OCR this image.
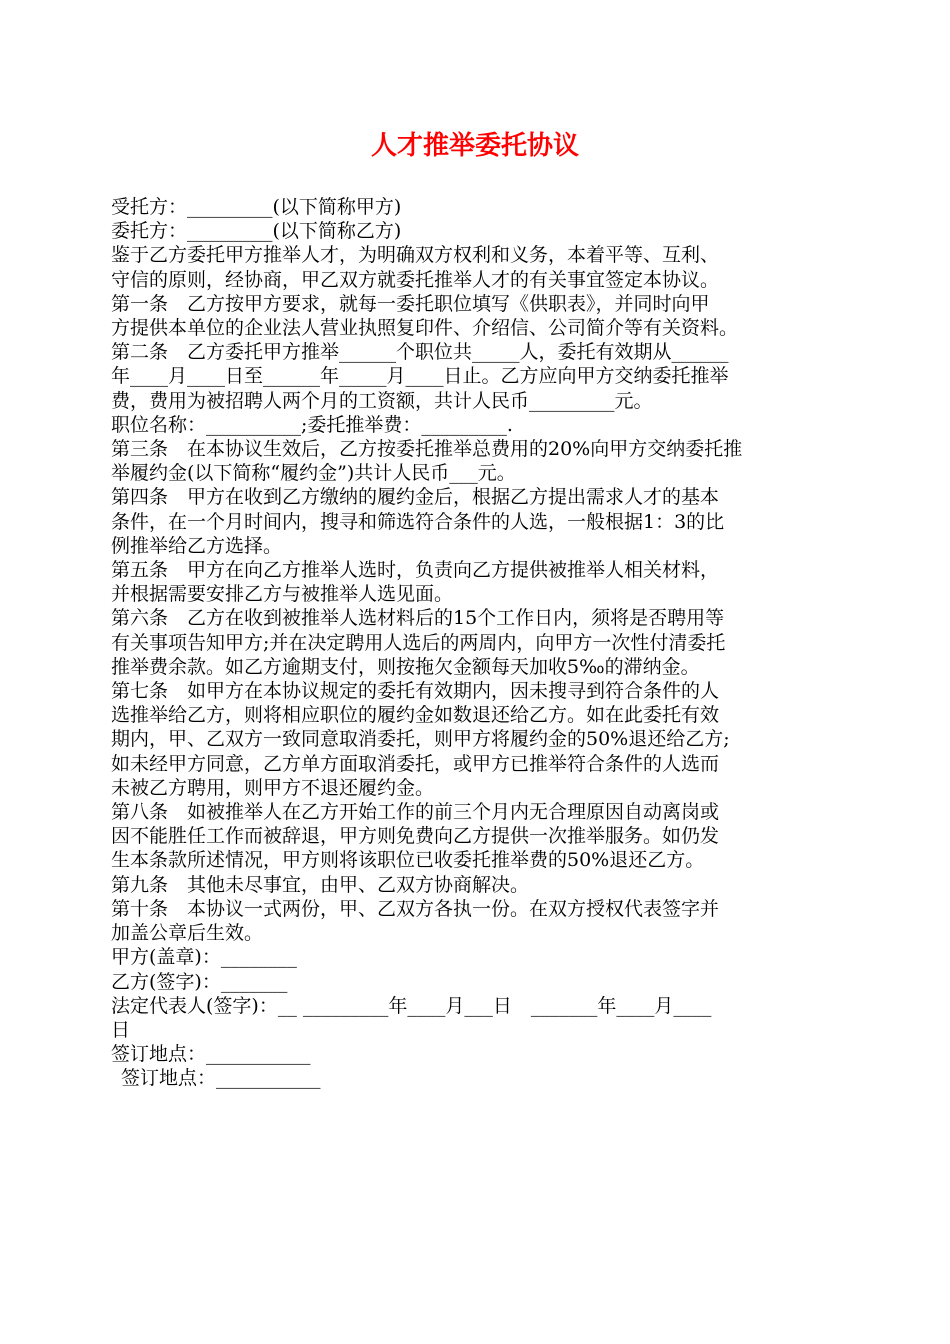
人才推举委托协议
受托方：_________(以下简称甲方)
委托方：_________(以下简称乙方)
鉴于乙方委托甲方推举人才，为明确双方权利和义务，本着平等、互利、
守信的原则，经协商，甲乙双方就委托推举人才的有关事宜签定本协议。
第一条　乙方按甲方要求，就每一委托职位填写《供职表》，并同时向甲
方提供本单位的企业法人营业执照复印件、介绍信、公司简介等有关资料。
第二条　乙方委托甲方推举______个职位共_____人，委托有效期从______
年____月____日至______年_____月____日止。乙方应向甲方交纳委托推举
费，费用为被招聘人两个月的工资额，共计人民币_________元。
职位名称：__________;委托推举费：_________.
第三条　在本协议生效后，乙方按委托推举总费用的20%向甲方交纳委托推
举履约金(以下简称“履约金”)共计人民币___元。
第四条　甲方在收到乙方缴纳的履约金后，根据乙方提出需求人才的基本
条件，在一个月时间内，搜寻和筛选符合条件的人选，一般根据1：3的比
例推举给乙方选择。
第五条　甲方在向乙方推举人选时，负责向乙方提供被推举人相关材料，
并根据需要安排乙方与被推举人选见面。
第六条　乙方在收到被推举人选材料后的15个工作日内，须将是否聘用等
有关事项告知甲方;并在决定聘用人选后的两周内，向甲方一次性付清委托
推举费余款。如乙方逾期支付，则按拖欠金额每天加收5‰的滞纳金。
第七条　如甲方在本协议规定的委托有效期内，因未搜寻到符合条件的人
选推举给乙方，则将相应职位的履约金如数退还给乙方。如在此委托有效
期内，甲、乙双方一致同意取消委托，则甲方将履约金的50%退还给乙方;
如未经甲方同意，乙方单方面取消委托，或甲方已推举符合条件的人选而
未被乙方聘用，则甲方不退还履约金。
第八条　如被推举人在乙方开始工作的前三个月内无合理原因自动离岗或
因不能胜任工作而被辞退，甲方则免费向乙方提供一次推举服务。如仍发
生本条款所述情况，甲方则将该职位已收委托推举费的50%退还乙方。
第九条　其他未尽事宜，由甲、乙双方协商解决。
第十条　本协议一式两份，甲、乙双方各执一份。在双方授权代表签字并
加盖公章后生效。
甲方(盖章)：________
乙方(签字)：_______
法定代表人(签字)：__ _________年____月___日　_______年____月____
日
签订地点：___________
签订地点：___________
